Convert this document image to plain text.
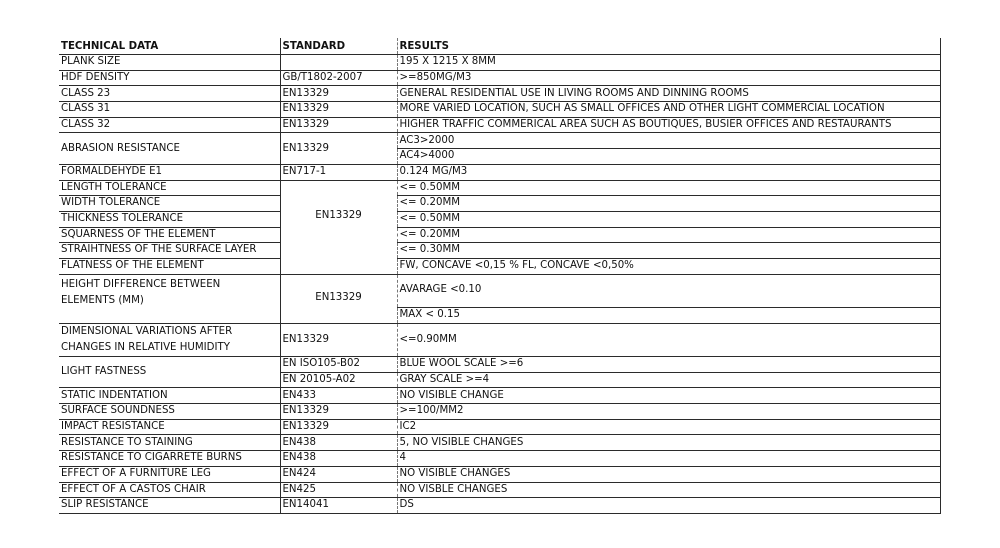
TECHNICAL DATA	STANDARD	RESULTS
PLANK SIZE		195 X 1215 X 8MM
HDF DENSITY	GB/T1802-2007	>=850MG/M3
CLASS 23	EN13329	GENERAL RESIDENTIAL USE IN LIVING ROOMS AND DINNING ROOMS
CLASS 31	EN13329	MORE VARIED LOCATION, SUCH AS SMALL OFFICES AND OTHER LIGHT COMMERCIAL LOCATION
CLASS 32	EN13329	HIGHER TRAFFIC COMMERICAL AREA SUCH AS BOUTIQUES, BUSIER OFFICES AND RESTAURANTS
ABRASION RESISTANCE	EN13329	AC3>2000
		AC4>4000
FORMALDEHYDE E1	EN717-1	0.124 MG/M3
LENGTH TOLERANCE	EN13329	<= 0.50MM
WIDTH TOLERANCE		<= 0.20MM
THICKNESS TOLERANCE		<= 0.50MM
SQUARNESS OF THE ELEMENT		<= 0.20MM
STRAIHTNESS OF THE SURFACE LAYER		<= 0.30MM
FLATNESS OF THE ELEMENT		FW, CONCAVE <0,15 % FL, CONCAVE <0,50%
HEIGHT DIFFERENCE BETWEEN
ELEMENTS (MM)	EN13329	AVARAGE <0.10
		MAX < 0.15
DIMENSIONAL VARIATIONS AFTER
CHANGES IN RELATIVE HUMIDITY	EN13329	<=0.90MM
LIGHT FASTNESS	EN ISO105-B02	BLUE WOOL SCALE >=6
	EN 20105-A02	GRAY SCALE >=4
STATIC INDENTATION	EN433	NO VISIBLE CHANGE
SURFACE SOUNDNESS	EN13329	>=100/MM2
IMPACT RESISTANCE	EN13329	IC2
RESISTANCE TO STAINING	EN438	5, NO VISIBLE CHANGES
RESISTANCE TO CIGARRETE BURNS	EN438	4
EFFECT OF A FURNITURE LEG	EN424	NO VISIBLE CHANGES
EFFECT OF A CASTOS CHAIR	EN425	NO VISBLE CHANGES
SLIP RESISTANCE	EN14041	DS
